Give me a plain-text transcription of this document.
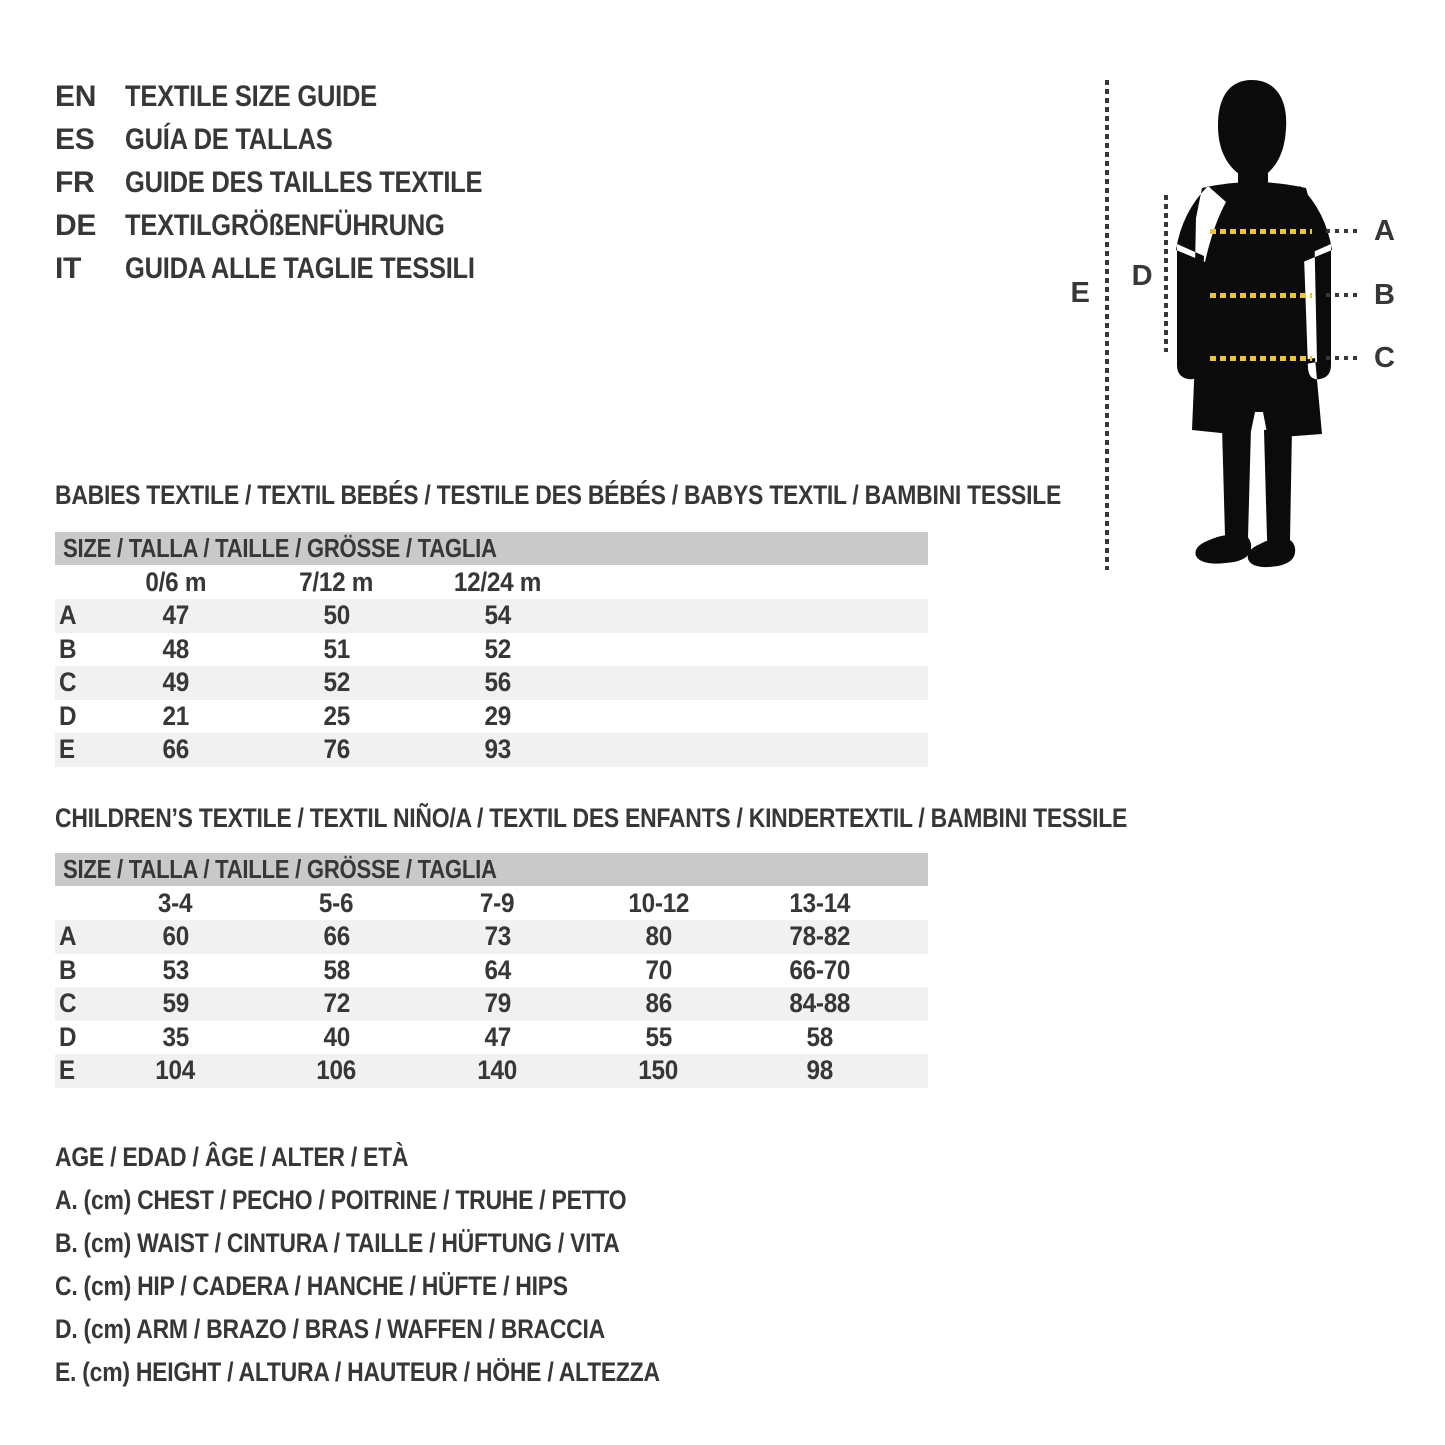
EN TEXTILE SIZE GUIDE
ES	GUÍA DE TALLAS
FR	GUIDE DES TAILLES TEXTILE
DE TEXTILGRÖßENFÜHRUNG
IT	GUIDA ALLE TAGLIE TESSILI
E
D
A
B
C
BABIES TEXTILE / TEXTIL BEBÉS / TESTILE DES BÉBÉS / BABYS TEXTIL / BAMBINI TESSILE
SIZE / TALLA / TAILLE / GRÖSSE / TAGLIA
0/6 m	7/12 m	12/24 m
A	47	50	54
B	48	51	52
C	49	52	56
D	21	25	29
E	66	76	93
CHILDREN’S TEXTILE / TEXTIL NIÑO/A / TEXTIL DES ENFANTS / KINDERTEXTIL / BAMBINI TESSILE
SIZE / TALLA / TAILLE / GRÖSSE / TAGLIA
3-4	5-6	7-9	10-12	13-14
A	60	66	73	80	78-82
B	53	58	64	70	66-70
C	59	72	79	86	84-88
D	35	40	47	55	58
E	104	106	140	150	98
AGE / EDAD / ÂGE / ALTER / ETÀ
A. (cm) CHEST / PECHO / POITRINE / TRUHE / PETTO
B. (cm) WAIST / CINTURA / TAILLE / HÜFTUNG / VITA
C. (cm) HIP / CADERA / HANCHE / HÜFTE / HIPS
D. (cm) ARM / BRAZO / BRAS / WAFFEN / BRACCIA
E. (cm) HEIGHT / ALTURA / HAUTEUR / HÖHE / ALTEZZA
